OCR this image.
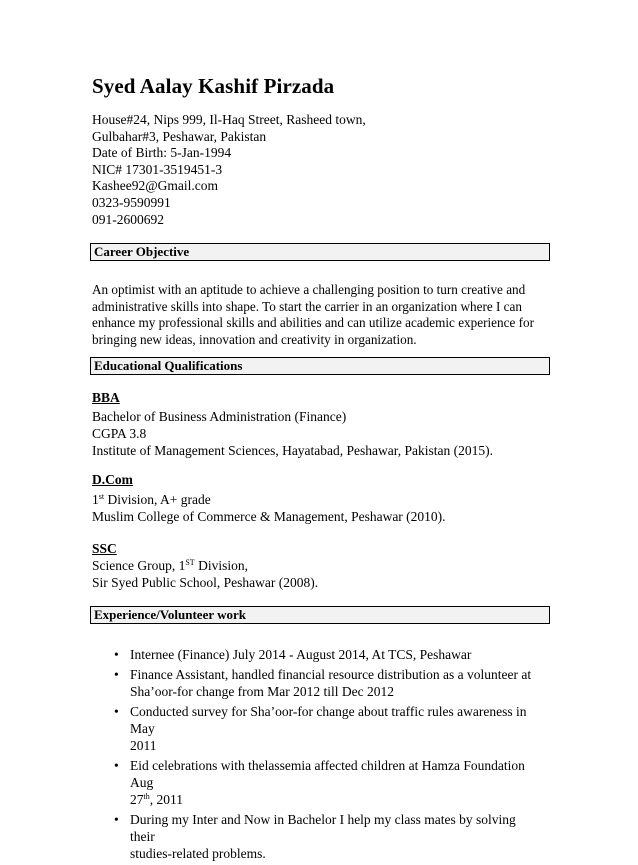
Syed Aalay Kashif Pirzada
House#24, Nips 999, Il-Haq Street, Rasheed town,
Gulbahar#3, Peshawar, Pakistan
Date of Birth: 5-Jan-1994
NIC# 17301-3519451-3
Kashee92@Gmail.com
0323-9590991
091-2600692
Career Objective
An optimist with an aptitude to achieve a challenging position to turn creative and
administrative skills into shape. To start the carrier in an organization where I can
enhance my professional skills and abilities and can utilize academic experience for
bringing new ideas, innovation and creativity in organization.
Educational Qualifications
BBA
Bachelor of Business Administration (Finance)
CGPA 3.8
Institute of Management Sciences, Hayatabad, Peshawar, Pakistan (2015).
D.Com
1st Division, A+ grade
Muslim College of Commerce & Management, Peshawar (2010).
SSC
Science Group, 1ST Division,
Sir Syed Public School, Peshawar (2008).
Experience/Volunteer work
• Internee (Finance) July 2014 - August 2014, At TCS, Peshawar
• Finance Assistant, handled financial resource distribution as a volunteer at
Sha’oor-for change from Mar 2012 till Dec 2012
• Conducted survey for Sha’oor-for change about traffic rules awareness in May
2011
• Eid celebrations with thelassemia affected children at Hamza Foundation Aug
27th, 2011
• During my Inter and Now in Bachelor I help my class mates by solving their
studies-related problems.
